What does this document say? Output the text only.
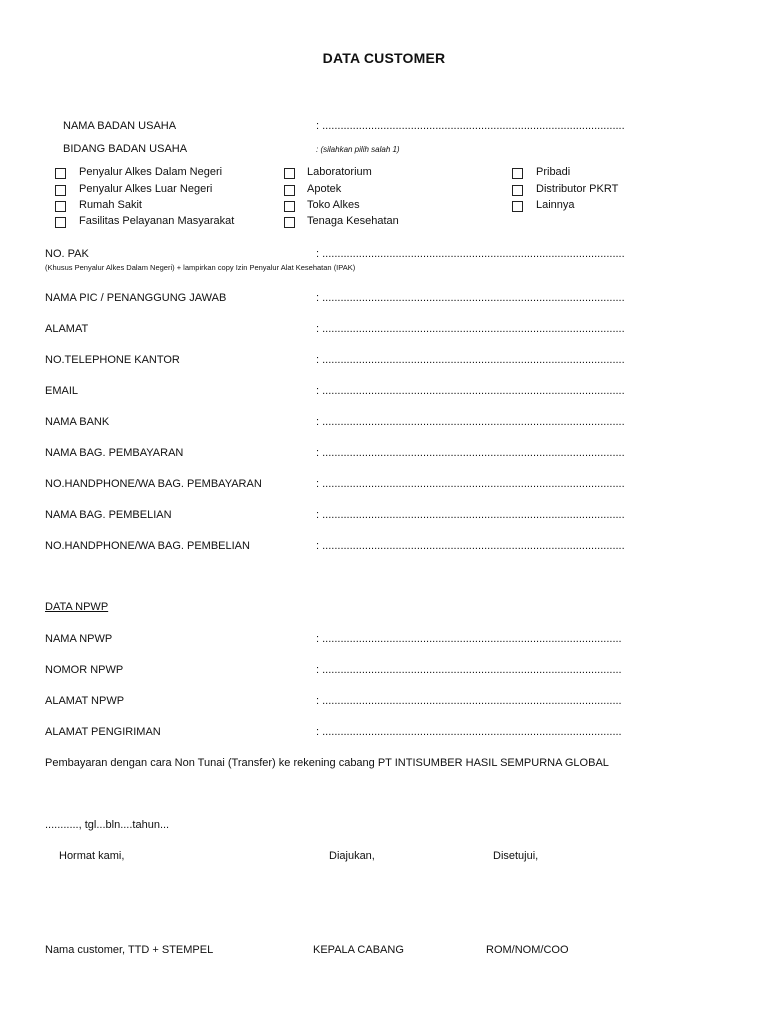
DATA CUSTOMER
NAMA BADAN USAHA	: ...................................................................................................
BIDANG BADAN USAHA	: (silahkan pilih salah 1)
Penyalur Alkes Dalam Negeri
Penyalur Alkes Luar Negeri
Rumah Sakit
Fasilitas Pelayanan Masyarakat
Laboratorium
Apotek
Toko Alkes
Tenaga Kesehatan
Pribadi
Distributor PKRT
Lainnya
NO. PAK	: ...................................................................................................
(Khusus Penyalur Alkes Dalam Negeri) + lampirkan copy Izin Penyalur Alat Kesehatan (IPAK)
NAMA PIC / PENANGGUNG JAWAB	: ...................................................................................................
ALAMAT	: ...................................................................................................
NO.TELEPHONE KANTOR	: ...................................................................................................
EMAIL	: ...................................................................................................
NAMA BANK	: ...................................................................................................
NAMA BAG. PEMBAYARAN	: ...................................................................................................
NO.HANDPHONE/WA BAG. PEMBAYARAN	: ...................................................................................................
NAMA BAG. PEMBELIAN	: ...................................................................................................
NO.HANDPHONE/WA BAG. PEMBELIAN	: ...................................................................................................
DATA NPWP
NAMA NPWP	: ..................................................................................................
NOMOR NPWP	: ..................................................................................................
ALAMAT NPWP	: ..................................................................................................
ALAMAT PENGIRIMAN	: ..................................................................................................
Pembayaran dengan cara Non Tunai (Transfer) ke rekening cabang PT INTISUMBER HASIL SEMPURNA GLOBAL
..........., tgl...bln....tahun...
Hormat kami,	Diajukan,	Disetujui,
Nama customer, TTD + STEMPEL	KEPALA CABANG	ROM/NOM/COO
